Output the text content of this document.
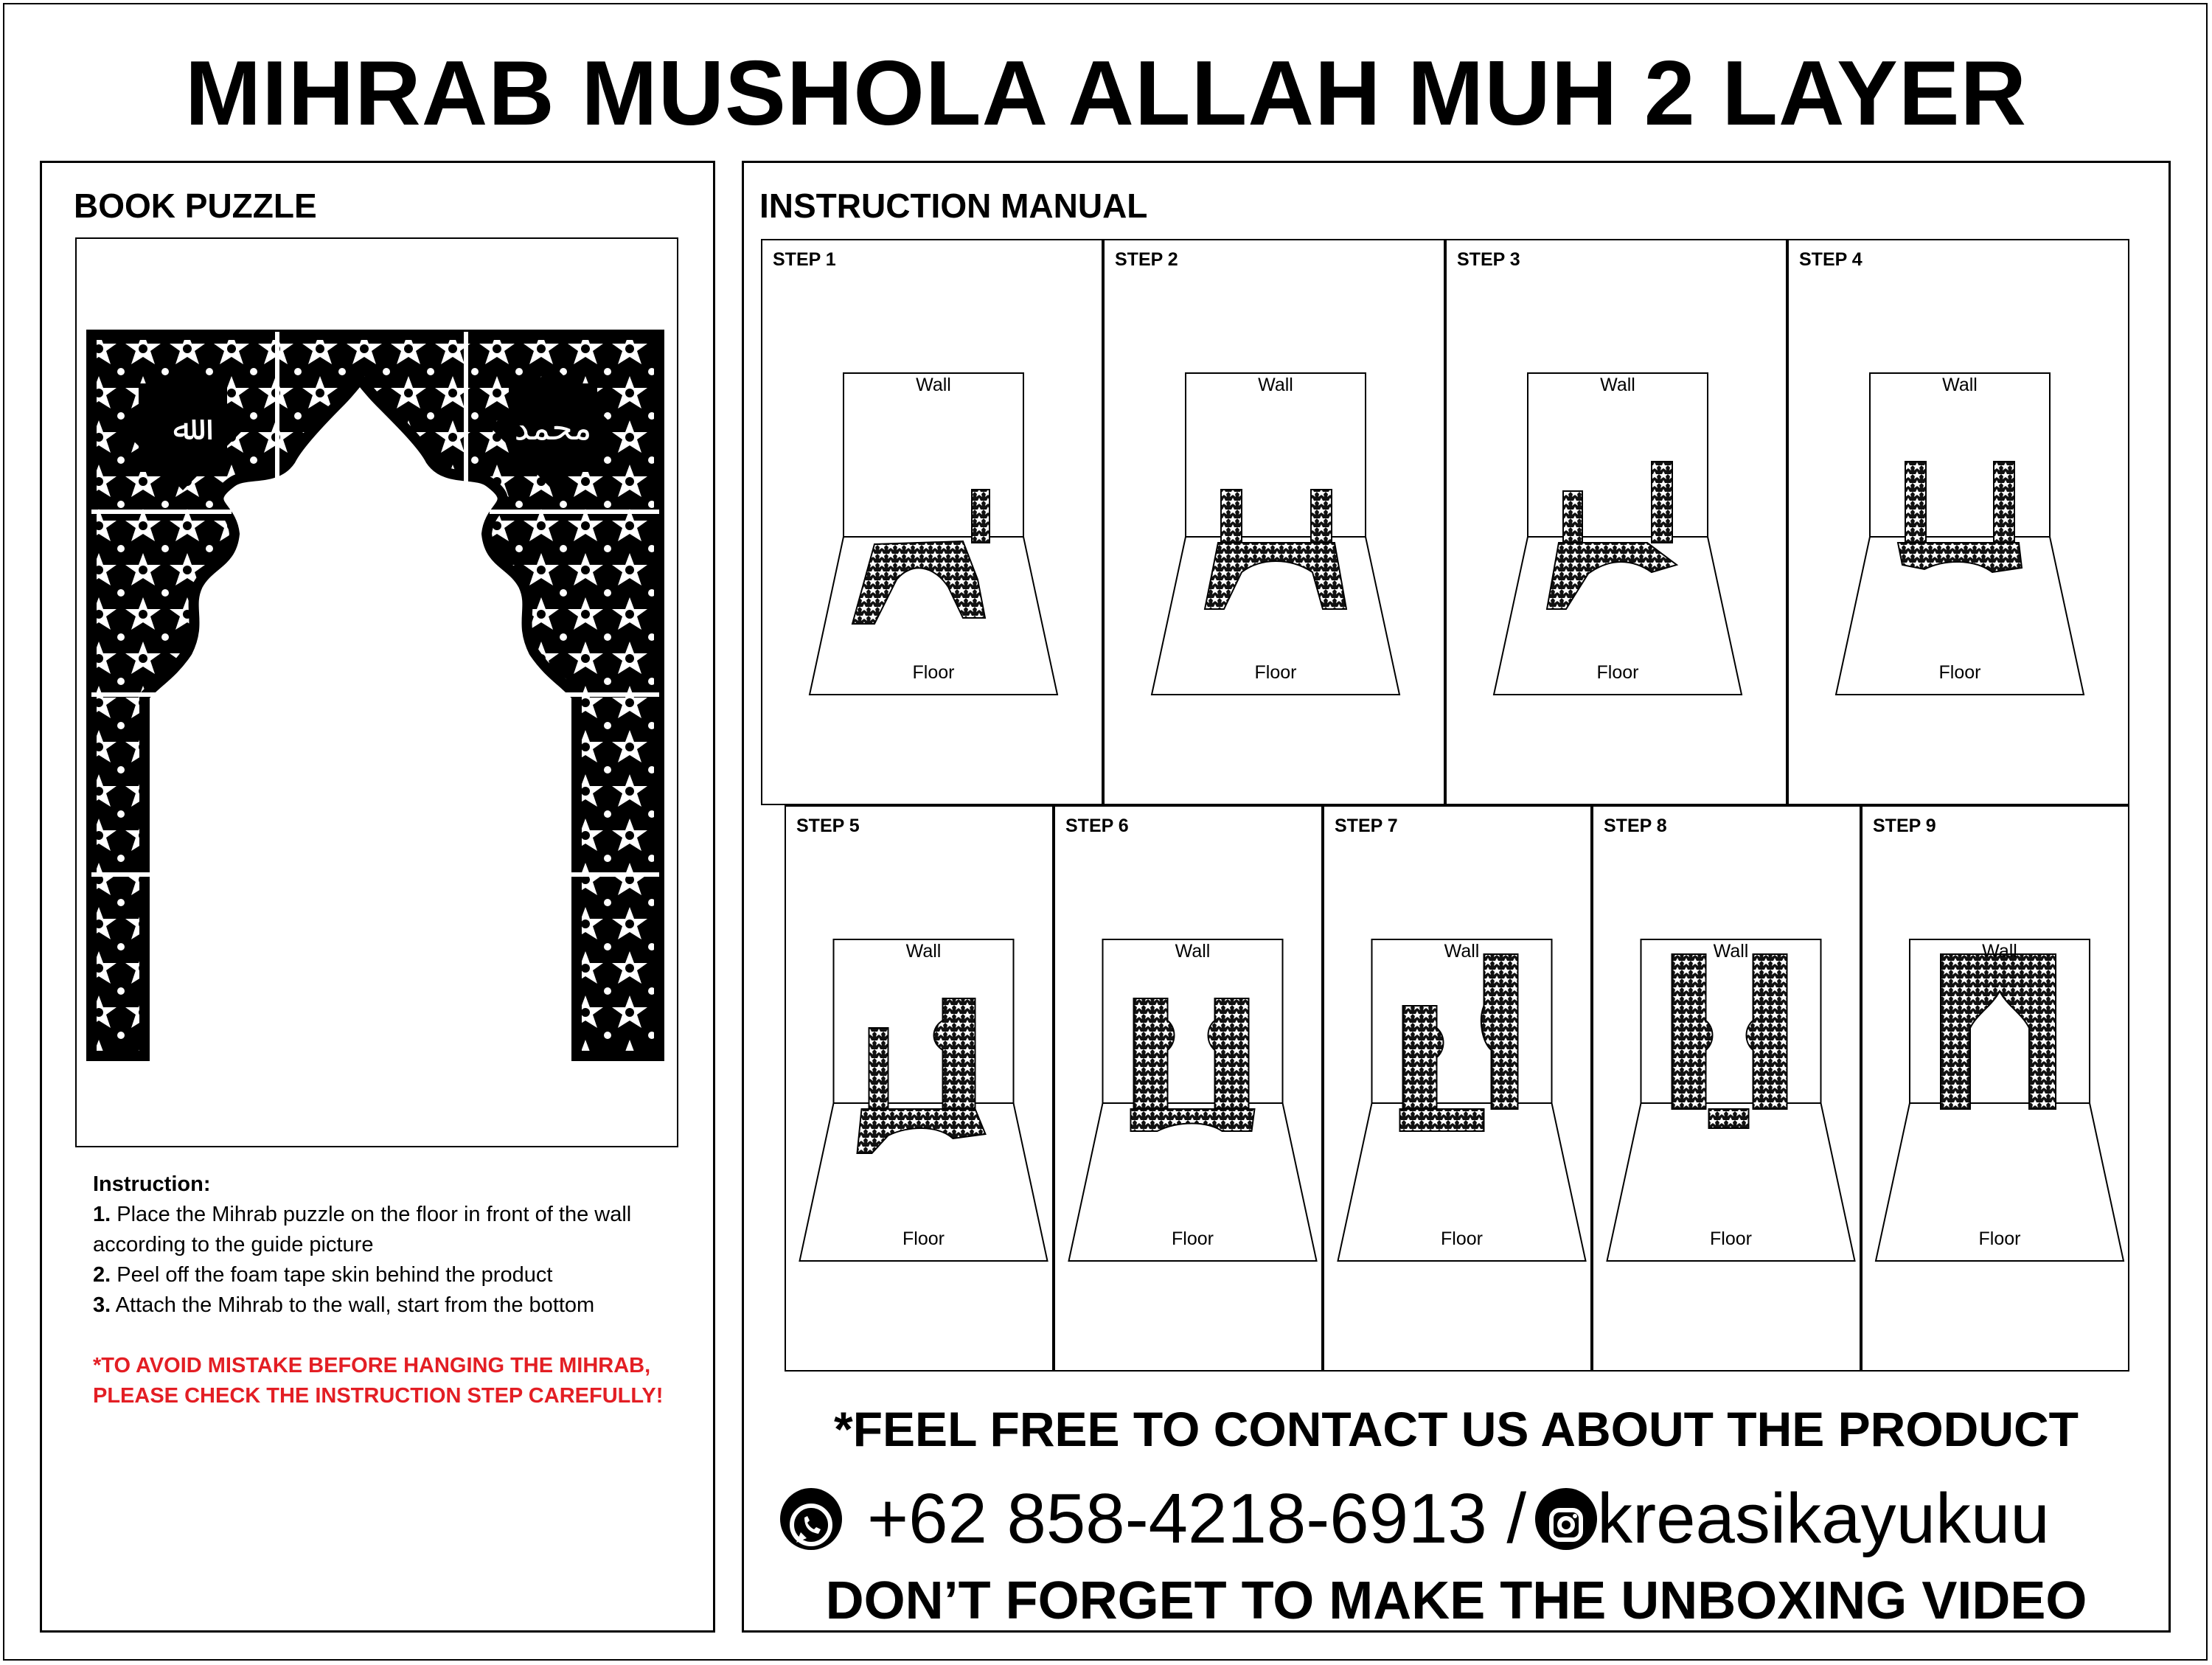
MIHRAB MUSHOLA ALLAH MUH 2 LAYER
BOOK PUZZLE
ﷲ	محمد
Instruction:
1. Place the Mihrab puzzle on the floor in front of the wall according to the guide picture
2. Peel off the foam tape skin behind the product
3. Attach the Mihrab to the wall, start from the bottom
*TO AVOID MISTAKE BEFORE HANGING THE MIHRAB,
PLEASE CHECK THE INSTRUCTION STEP CAREFULLY!
INSTRUCTION MANUAL
STEP 1
Wall
Floor
STEP 2
Wall
Floor
STEP 3
Wall
Floor
STEP 4
Wall
Floor
STEP 5
Wall
Floor
STEP 6
Wall
Floor
STEP 7
Wall
Floor
STEP 8
Wall
Floor
STEP 9
Wall
Floor
*FEEL FREE TO CONTACT US ABOUT THE PRODUCT
+62 858-4218-6913 / kreasikayukuu
DON’T FORGET TO MAKE THE UNBOXING VIDEO
